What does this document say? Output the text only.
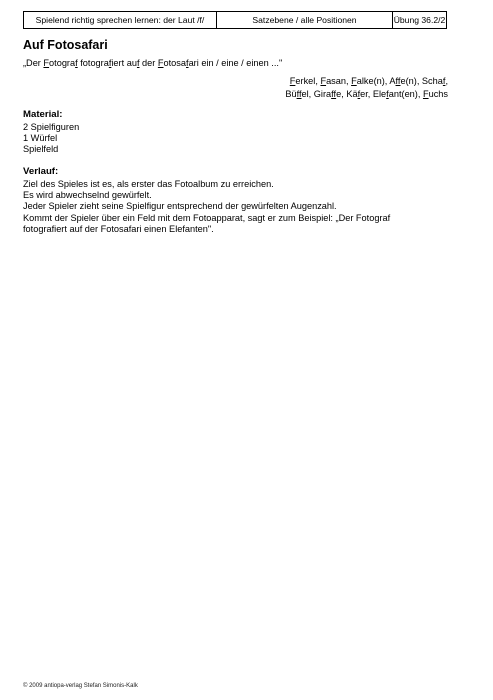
Spielend richtig sprechen lernen: der Laut /f/	Satzebene / alle Positionen	Übung 36.2/2
Auf Fotosafari
„Der Fotograf fotografiert auf der Fotosafari ein / eine / einen ..."
Ferkel, Fasan, Falke(n), Affe(n), Schaf,
Büffel, Giraffe, Käfer, Elefant(en), Fuchs
Material:
2 Spielfiguren
1 Würfel
Spielfeld
Verlauf:
Ziel des Spieles ist es, als erster das Fotoalbum zu erreichen.
Es wird abwechselnd gewürfelt.
Jeder Spieler zieht seine Spielfigur entsprechend der gewürfelten Augenzahl.
Kommt der Spieler über ein Feld mit dem Fotoapparat, sagt er zum Beispiel: „Der Fotograf
fotografiert auf der Fotosafari einen Elefanten".
© 2009 antiopa-verlag Stefan Simonis-Kalk
